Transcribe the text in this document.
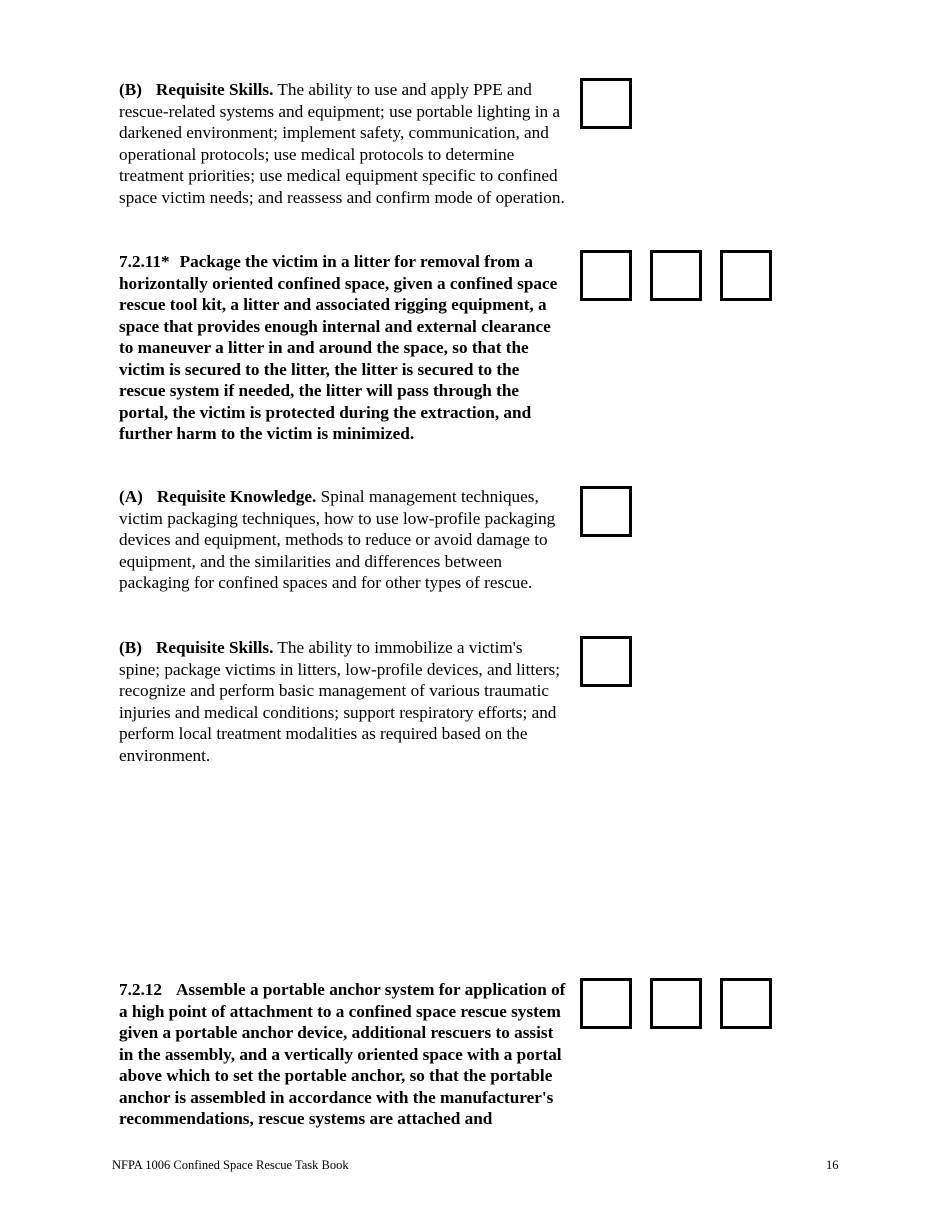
(B) Requisite Skills. The ability to use and apply PPE and rescue-related systems and equipment; use portable lighting in a darkened environment; implement safety, communication, and operational protocols; use medical protocols to determine treatment priorities; use medical equipment specific to confined space victim needs; and reassess and confirm mode of operation.

7.2.11* Package the victim in a litter for removal from a horizontally oriented confined space, given a confined space rescue tool kit, a litter and associated rigging equipment, a space that provides enough internal and external clearance to maneuver a litter in and around the space, so that the victim is secured to the litter, the litter is secured to the rescue system if needed, the litter will pass through the portal, the victim is protected during the extraction, and further harm to the victim is minimized.

(A) Requisite Knowledge. Spinal management techniques, victim packaging techniques, how to use low-profile packaging devices and equipment, methods to reduce or avoid damage to equipment, and the similarities and differences between packaging for confined spaces and for other types of rescue.

(B) Requisite Skills. The ability to immobilize a victim's spine; package victims in litters, low-profile devices, and litters; recognize and perform basic management of various traumatic injuries and medical conditions; support respiratory efforts; and perform local treatment modalities as required based on the environment.

7.2.12 Assemble a portable anchor system for application of a high point of attachment to a confined space rescue system given a portable anchor device, additional rescuers to assist in the assembly, and a vertically oriented space with a portal above which to set the portable anchor, so that the portable anchor is assembled in accordance with the manufacturer's recommendations, rescue systems are attached and

NFPA 1006 Confined Space Rescue Task Book	16
